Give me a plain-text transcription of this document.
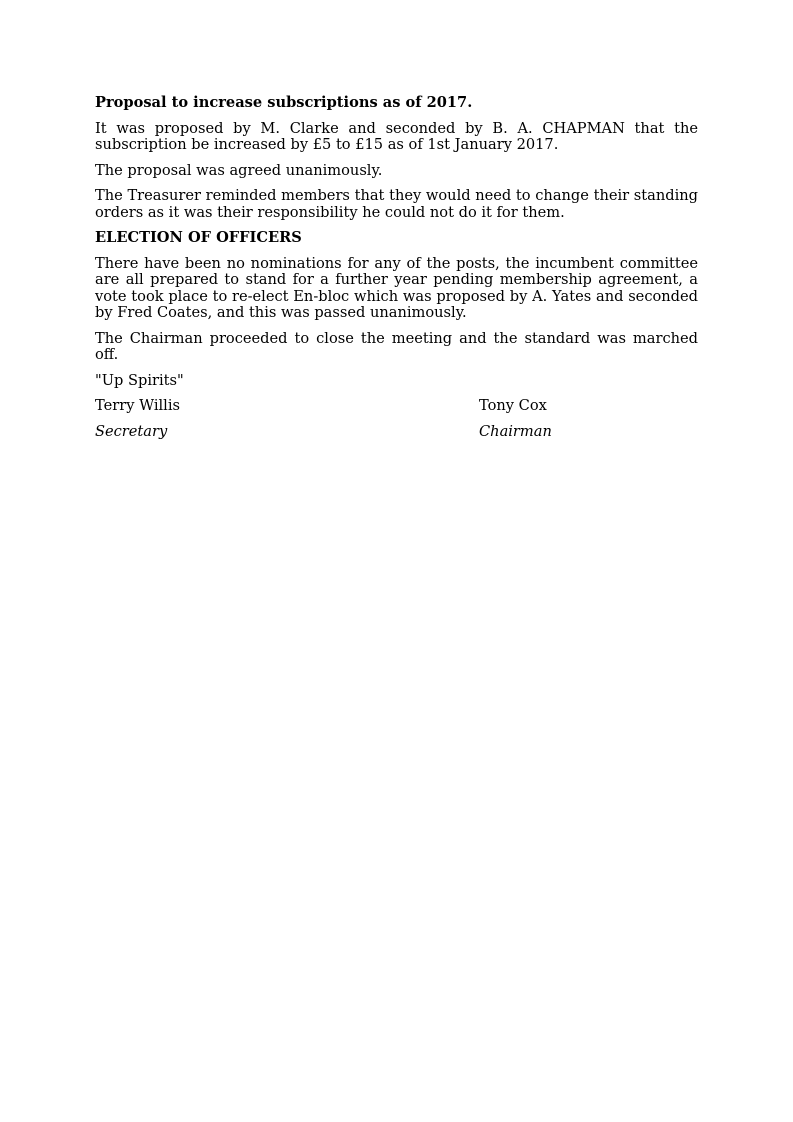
Proposal to increase subscriptions as of 2017.

It was proposed by M. Clarke and seconded by B. A. CHAPMAN that the subscription be increased by £5 to £15 as of 1st January 2017.

The proposal was agreed unanimously.

The Treasurer reminded members that they would need to change their standing orders as it was their responsibility he could not do it for them.

ELECTION OF OFFICERS

There have been no nominations for any of the posts, the incumbent committee are all prepared to stand for a further year pending membership agreement, a vote took place to re-elect En-bloc which was proposed by A. Yates and seconded by Fred Coates, and this was passed unanimously.

The Chairman proceeded to close the meeting and the standard was marched off.

"Up Spirits"

Terry Willis	Tony Cox
Secretary	Chairman
